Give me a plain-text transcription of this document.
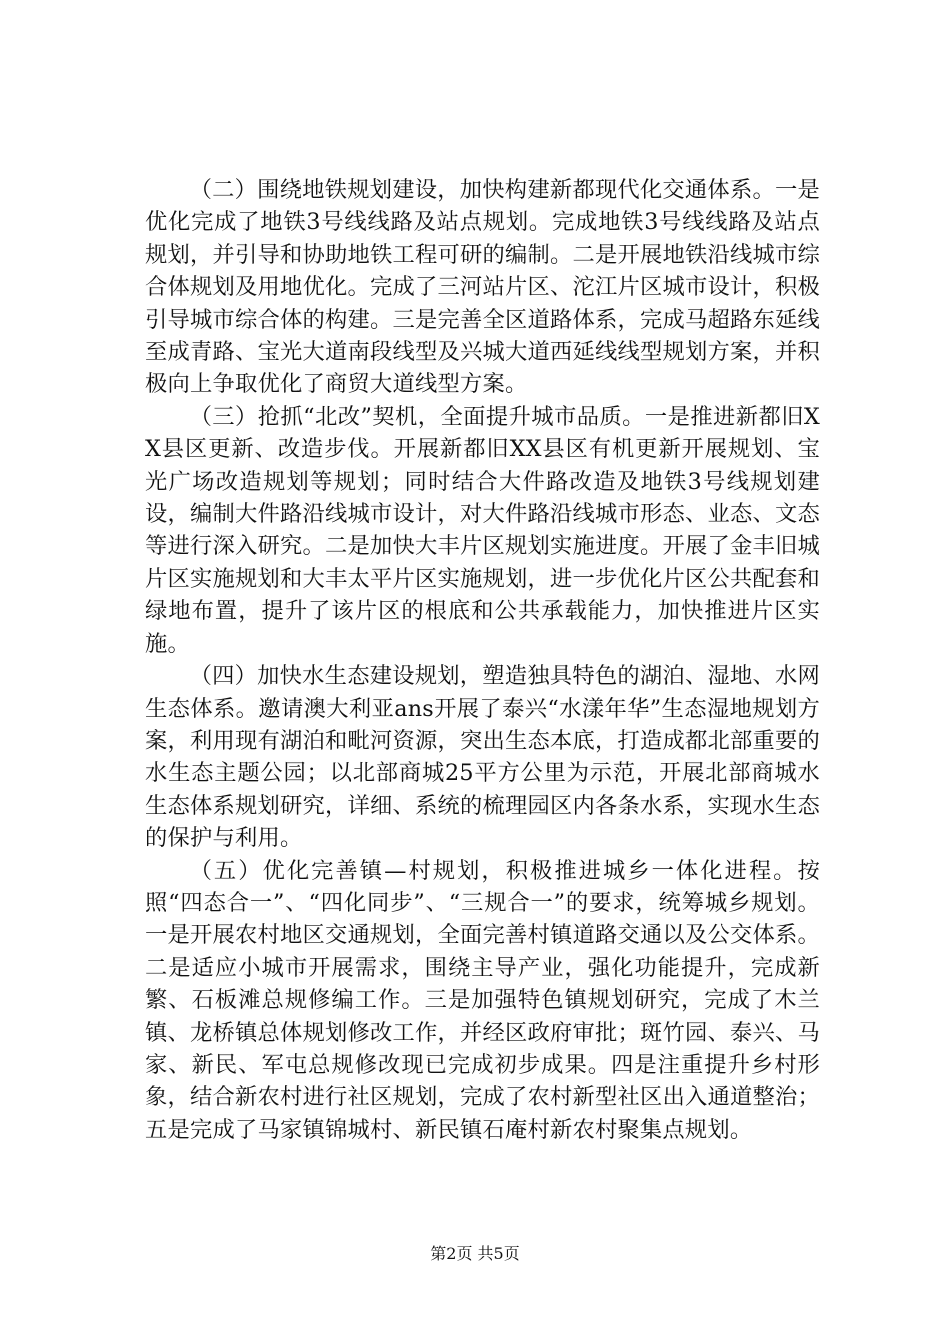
（二）围绕地铁规划建设，加快构建新都现代化交通体系。一是优化完成了地铁3号线线路及站点规划。完成地铁3号线线路及站点规划，并引导和协助地铁工程可研的编制。二是开展地铁沿线城市综合体规划及用地优化。完成了三河站片区、沱江片区城市设计，积极引导城市综合体的构建。三是完善全区道路体系，完成马超路东延线至成青路、宝光大道南段线型及兴城大道西延线线型规划方案，并积极向上争取优化了商贸大道线型方案。

（三）抢抓“北改”契机，全面提升城市品质。一是推进新都旧XX县区更新、改造步伐。开展新都旧XX县区有机更新开展规划、宝光广场改造规划等规划；同时结合大件路改造及地铁3号线规划建设，编制大件路沿线城市设计，对大件路沿线城市形态、业态、文态等进行深入研究。二是加快大丰片区规划实施进度。开展了金丰旧城片区实施规划和大丰太平片区实施规划，进一步优化片区公共配套和绿地布置，提升了该片区的根底和公共承载能力，加快推进片区实施。

（四）加快水生态建设规划，塑造独具特色的湖泊、湿地、水网生态体系。邀请澳大利亚ans开展了泰兴“水漾年华”生态湿地规划方案，利用现有湖泊和毗河资源，突出生态本底，打造成都北部重要的水生态主题公园；以北部商城25平方公里为示范，开展北部商城水生态体系规划研究，详细、系统的梳理园区内各条水系，实现水生态的保护与利用。

（五）优化完善镇—村规划，积极推进城乡一体化进程。按照“四态合一”、“四化同步”、“三规合一”的要求，统筹城乡规划。一是开展农村地区交通规划，全面完善村镇道路交通以及公交体系。二是适应小城市开展需求，围绕主导产业，强化功能提升，完成新繁、石板滩总规修编工作。三是加强特色镇规划研究，完成了木兰镇、龙桥镇总体规划修改工作，并经区政府审批；斑竹园、泰兴、马家、新民、军屯总规修改现已完成初步成果。四是注重提升乡村形象，结合新农村进行社区规划，完成了农村新型社区出入通道整治；五是完成了马家镇锦城村、新民镇石庵村新农村聚集点规划。

第2页 共5页
